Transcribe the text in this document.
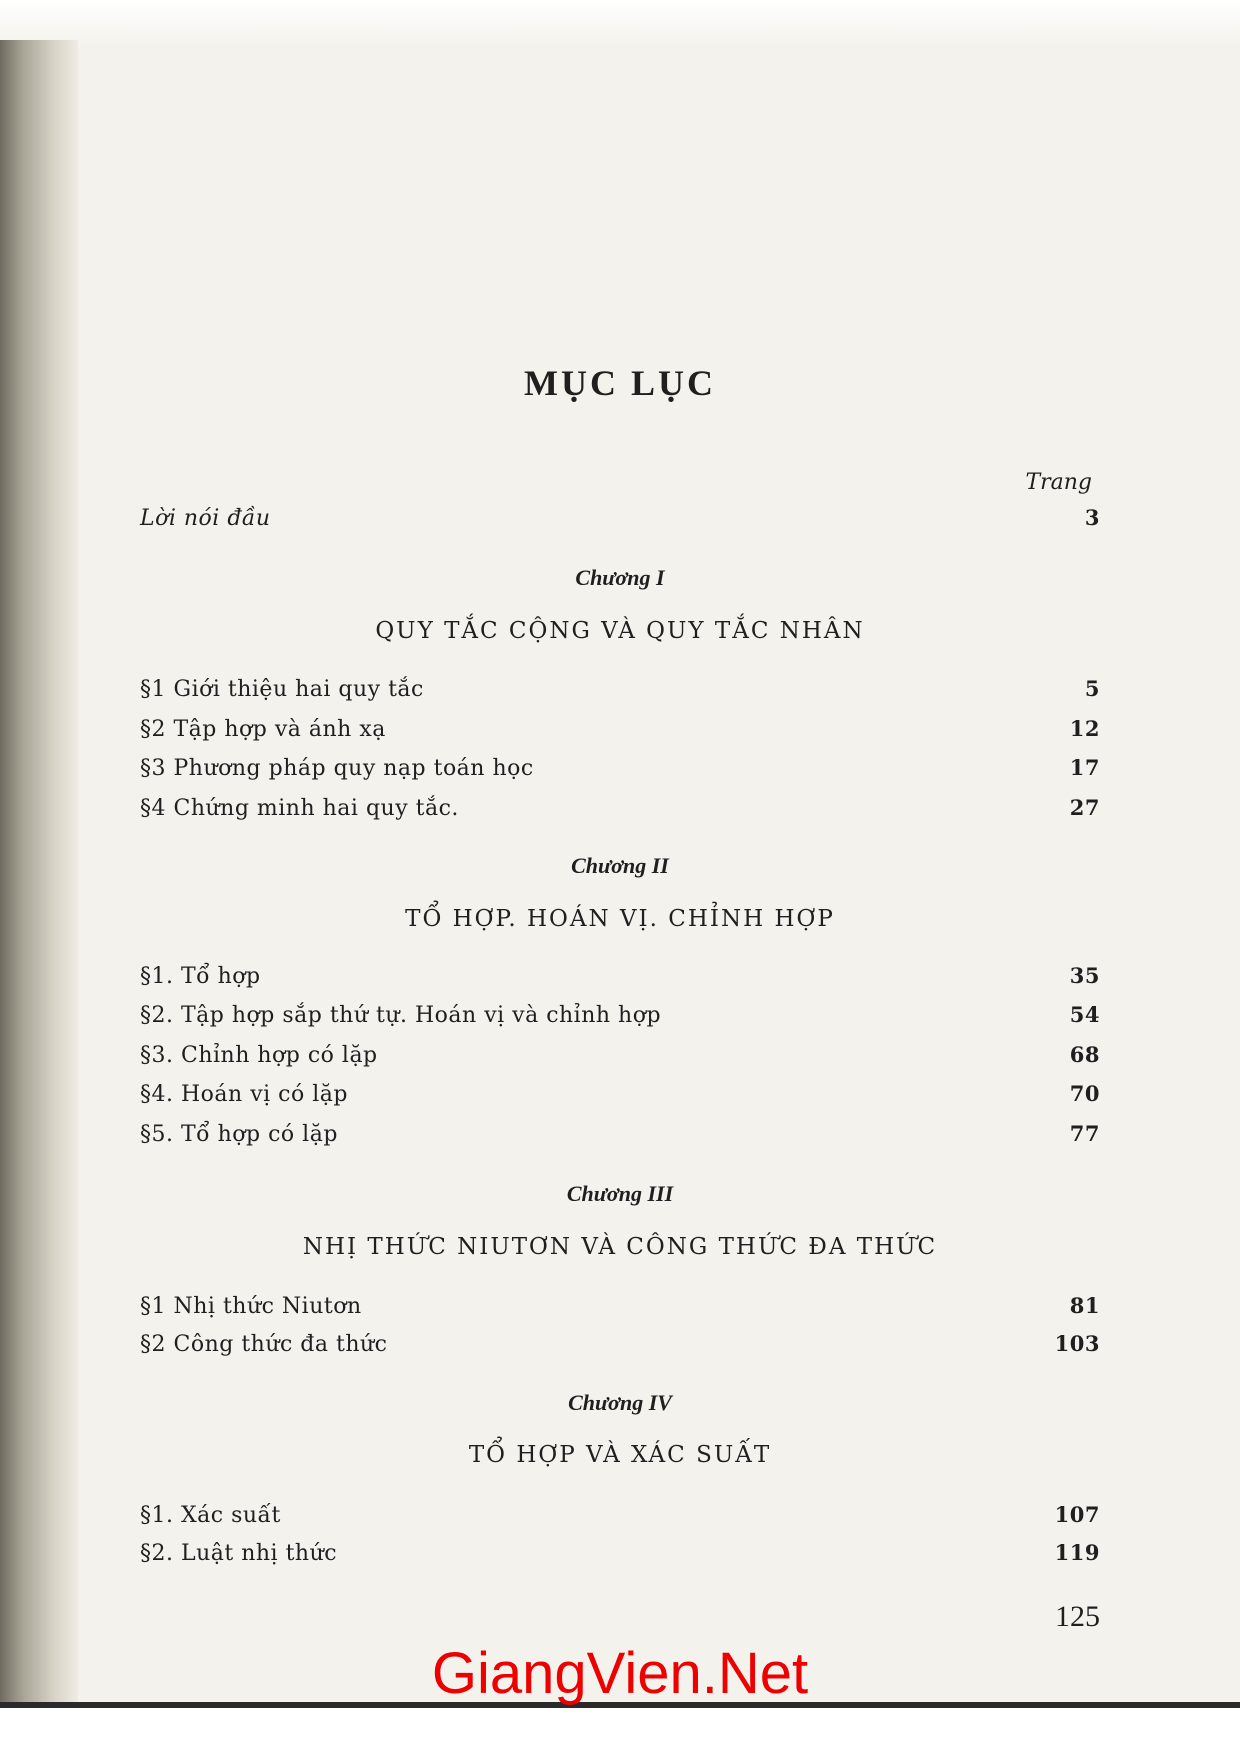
MỤC LỤC
Trang
Lời nói đầu	3
Chương I
QUY TẮC CỘNG VÀ QUY TẮC NHÂN
§1 Giới thiệu hai quy tắc	5
§2 Tập hợp và ánh xạ	12
§3 Phương pháp quy nạp toán học	17
§4 Chứng minh hai quy tắc.	27
Chương II
TỔ HỢP. HOÁN VỊ. CHỈNH HỢP
§1. Tổ hợp	35
§2. Tập hợp sắp thứ tự. Hoán vị và chỉnh hợp	54
§3. Chỉnh hợp có lặp	68
§4. Hoán vị có lặp	70
§5. Tổ hợp có lặp	77
Chương III
NHỊ THỨC NIUTƠN VÀ CÔNG THỨC ĐA THỨC
§1 Nhị thức Niutơn	81
§2 Công thức đa thức	103
Chương IV
TỔ HỢP VÀ XÁC SUẤT
§1. Xác suất	107
§2. Luật nhị thức	119
125
GiangVien.Net
